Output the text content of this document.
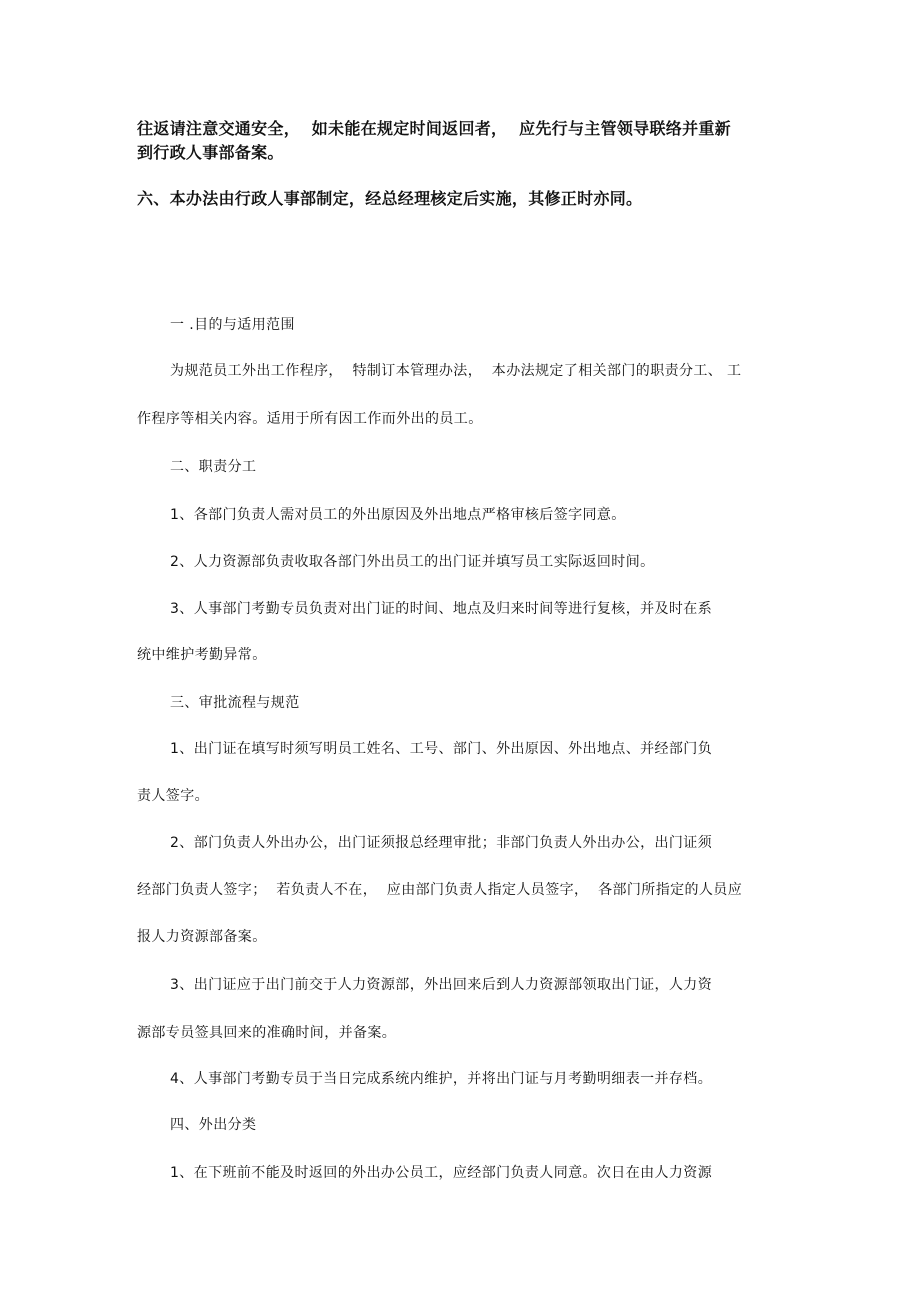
往返请注意交通安全，  如未能在规定时间返回者，  应先行与主管领导联络并重新

到行政人事部备案。

六、本办法由行政人事部制定，经总经理核定后实施，其修正时亦同。

一 .目的与适用范围

为规范员工外出工作程序，  特制订本管理办法，  本办法规定了相关部门的职责分工、 工

作程序等相关内容。适用于所有因工作而外出的员工。

二、职责分工

1、各部门负责人需对员工的外出原因及外出地点严格审核后签字同意。

2、人力资源部负责收取各部门外出员工的出门证并填写员工实际返回时间。

3、人事部门考勤专员负责对出门证的时间、地点及归来时间等进行复核，并及时在系

统中维护考勤异常。

三、审批流程与规范

1、出门证在填写时须写明员工姓名、工号、部门、外出原因、外出地点、并经部门负

责人签字。

2、部门负责人外出办公，出门证须报总经理审批；非部门负责人外出办公，出门证须

经部门负责人签字；  若负责人不在，  应由部门负责人指定人员签字，  各部门所指定的人员应

报人力资源部备案。

3、出门证应于出门前交于人力资源部，外出回来后到人力资源部领取出门证，人力资

源部专员签具回来的准确时间，并备案。

4、人事部门考勤专员于当日完成系统内维护，并将出门证与月考勤明细表一并存档。

四、外出分类

1、在下班前不能及时返回的外出办公员工，应经部门负责人同意。次日在由人力资源
